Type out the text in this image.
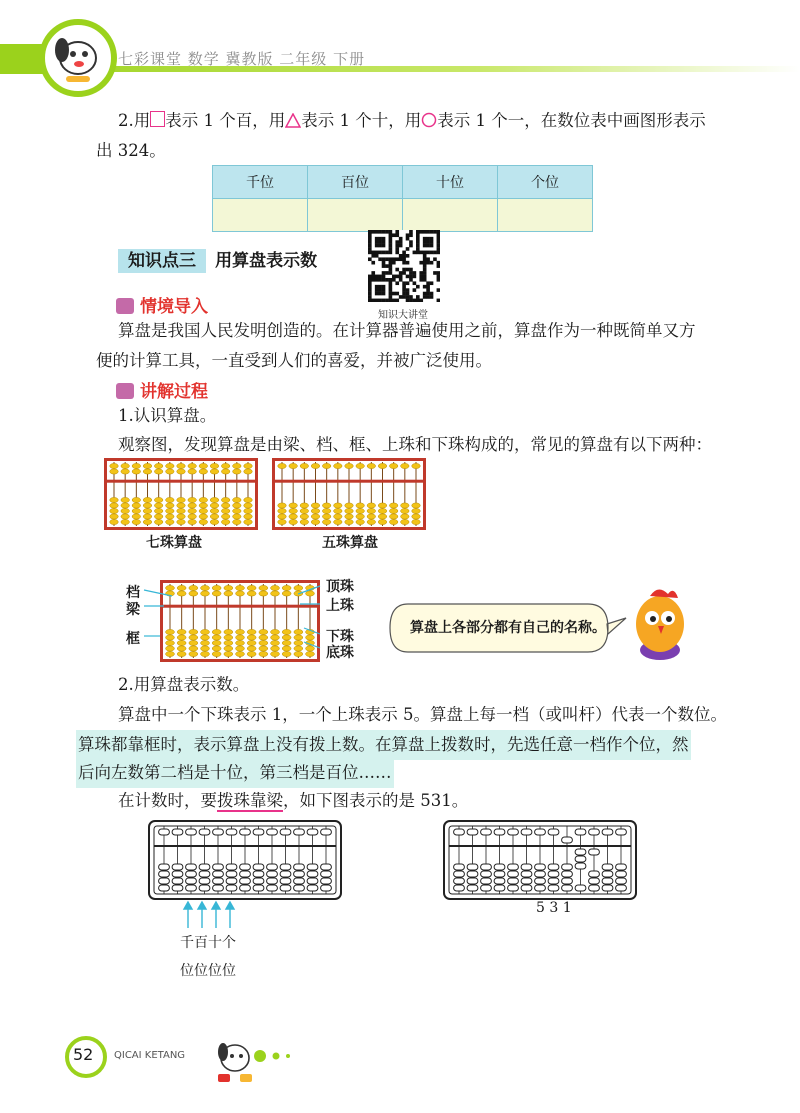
七彩课堂 数学 冀教版 二年级 下册
2.用 表示 1 个百，用 表示 1 个十，用 表示 1 个一，在数位表中画图形表示
出 324。
千位	百位	十位	个位

知识点三 用算盘表示数
知识大讲堂
情境导入
算盘是我国人民发明创造的。在计算器普遍使用之前，算盘作为一种既简单又方
便的计算工具，一直受到人们的喜爱，并被广泛使用。
讲解过程
1.认识算盘。
观察图，发现算盘是由梁、档、框、上珠和下珠构成的，常见的算盘有以下两种：
七珠算盘	五珠算盘
档
梁
框
顶珠
上珠
下珠
底珠
算盘上各部分都有自己的名称。
2.用算盘表示数。
算盘中一个下珠表示 1，一个上珠表示 5。算盘上每一档（或叫杆）代表一个数位。
算珠都靠框时，表示算盘上没有拨上数。在算盘上拨数时，先选任意一档作个位，然
后向左数第二档是十位，第三档是百位……
在计数时，要拨珠靠梁，如下图表示的是 531。
千百十个
位位位位
5 3 1
52 QICAI KETANG
